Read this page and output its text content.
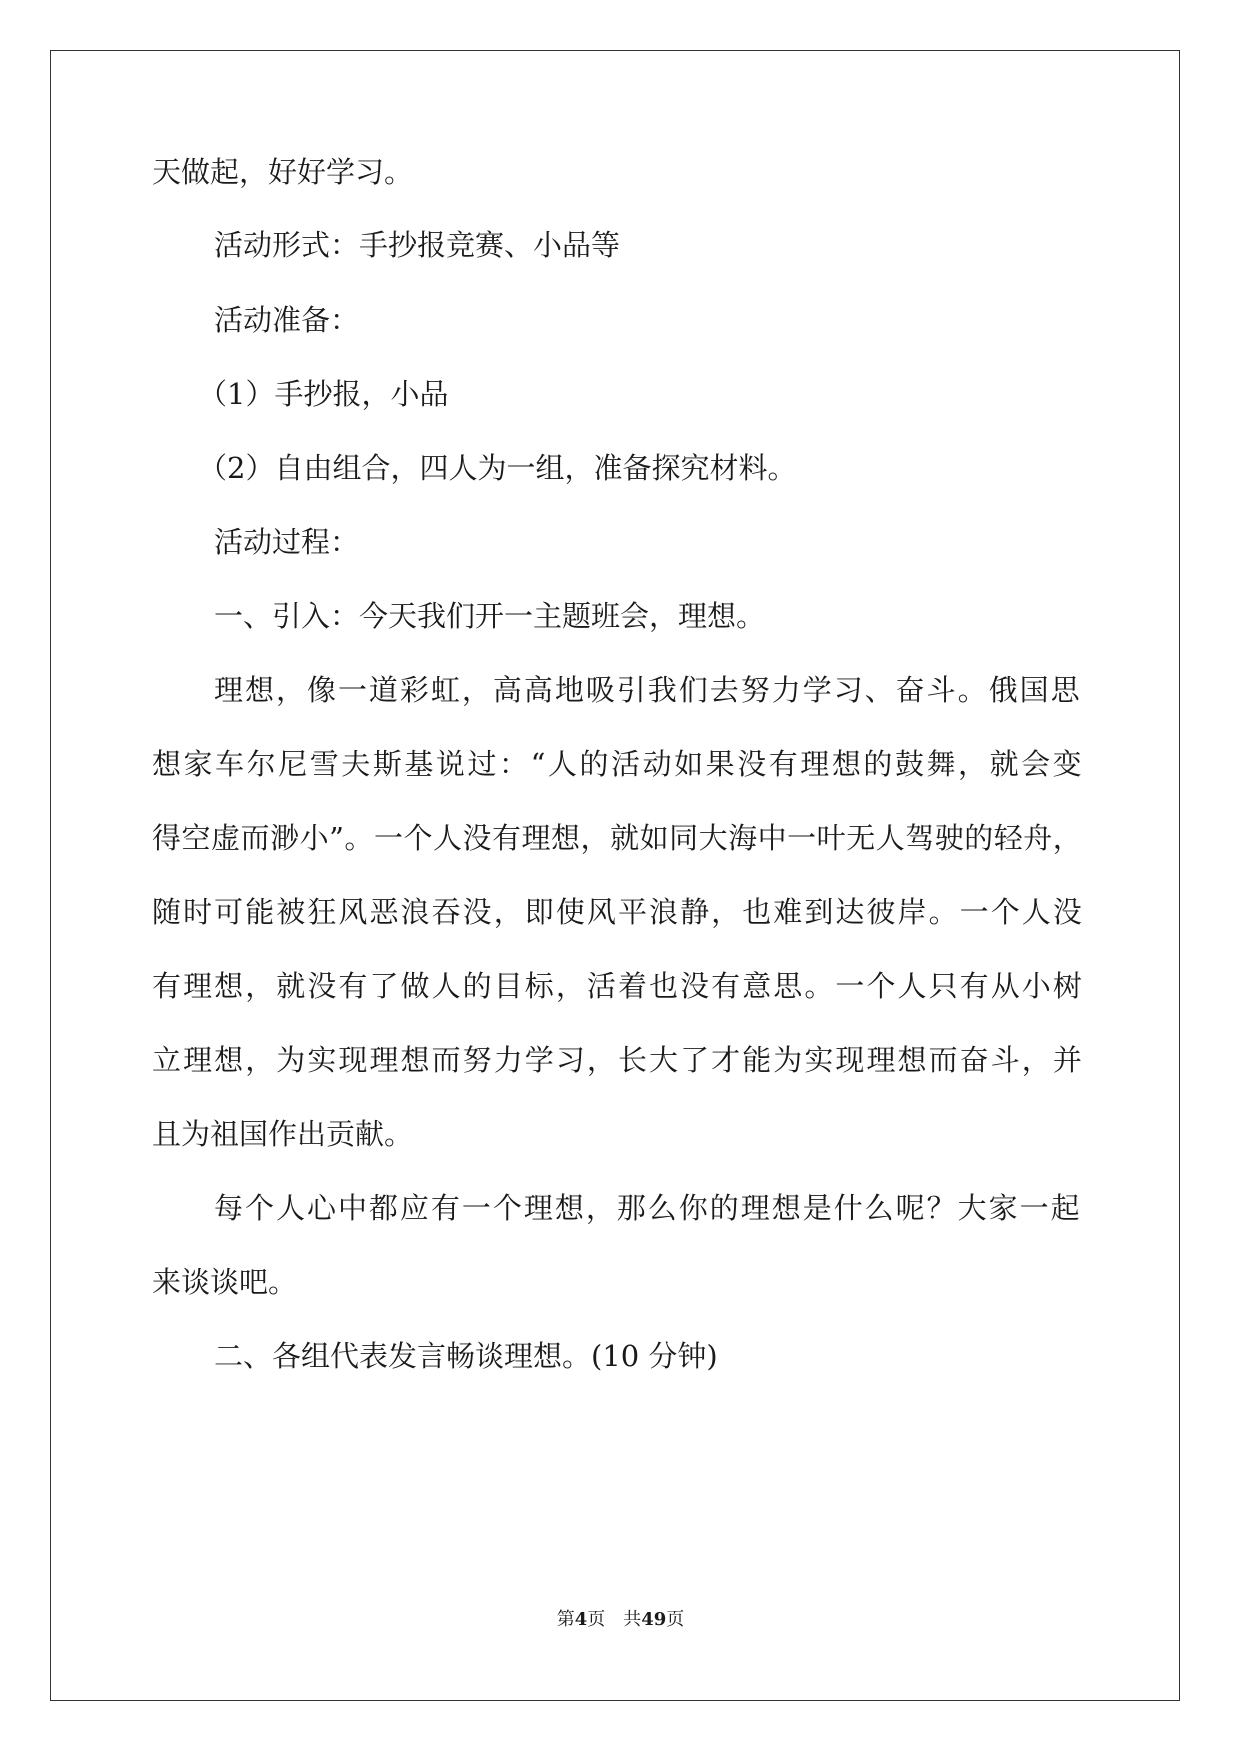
天做起，好好学习。
活动形式：手抄报竞赛、小品等
活动准备：
（1）手抄报，小品
（2）自由组合，四人为一组，准备探究材料。
活动过程：
一、引入：今天我们开一主题班会，理想。
理 想 ， 像 一 道 彩 虹 ， 高 高 地 吸 引 我 们 去 努 力 学 习 、 奋 斗 。 俄 国 思
想 家 车 尔 尼 雪 夫 斯 基 说 过 ： “ 人 的 活 动 如 果 没 有 理 想 的 鼓 舞 ， 就 会 变
得 空 虚 而 渺 小 ” 。 一 个 人 没 有 理 想 ， 就 如 同 大 海 中 一 叶 无 人 驾 驶 的 轻 舟 ，
随 时 可 能 被 狂 风 恶 浪 吞 没 ， 即 使 风 平 浪 静 ， 也 难 到 达 彼 岸 。 一 个 人 没
有 理 想 ， 就 没 有 了 做 人 的 目 标 ， 活 着 也 没 有 意 思 。 一 个 人 只 有 从 小 树
立 理 想 ， 为 实 现 理 想 而 努 力 学 习 ， 长 大 了 才 能 为 实 现 理 想 而 奋 斗 ， 并
且为祖国作出贡献。
每 个 人 心 中 都 应 有 一 个 理 想 ， 那 么 你 的 理 想 是 什 么 呢 ？ 大 家 一 起
来谈谈吧。
二、各组代表发言畅谈理想。(10 分钟)
第4页　共49页
